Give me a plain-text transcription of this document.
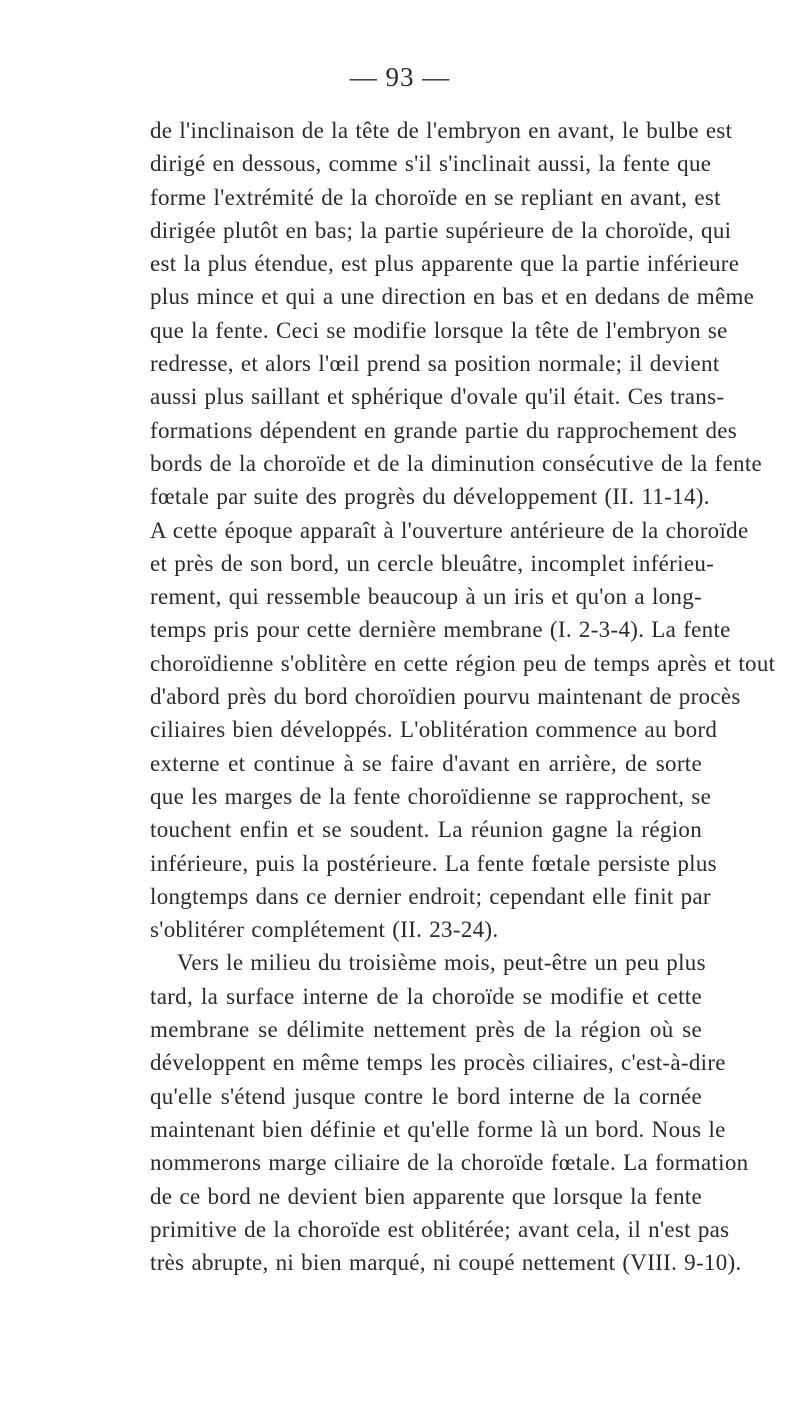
— 93 —
de l'inclinaison de la tête de l'embryon en avant, le bulbe est
dirigé en dessous, comme s'il s'inclinait aussi, la fente que
forme l'extrémité de la choroïde en se repliant en avant, est
dirigée plutôt en bas; la partie supérieure de la choroïde, qui
est la plus étendue, est plus apparente que la partie inférieure
plus mince et qui a une direction en bas et en dedans de même
que la fente. Ceci se modifie lorsque la tête de l'embryon se
redresse, et alors l'œil prend sa position normale; il devient
aussi plus saillant et sphérique d'ovale qu'il était. Ces trans-
formations dépendent en grande partie du rapprochement des
bords de la choroïde et de la diminution consécutive de la fente
fœtale par suite des progrès du développement (II. 11-14).
A cette époque apparaît à l'ouverture antérieure de la choroïde
et près de son bord, un cercle bleuâtre, incomplet inférieu-
rement, qui ressemble beaucoup à un iris et qu'on a long-
temps pris pour cette dernière membrane (I. 2-3-4). La fente
choroïdienne s'oblitère en cette région peu de temps après et tout
d'abord près du bord choroïdien pourvu maintenant de procès
ciliaires bien développés. L'oblitération commence au bord
externe et continue à se faire d'avant en arrière, de sorte
que les marges de la fente choroïdienne se rapprochent, se
touchent enfin et se soudent. La réunion gagne la région
inférieure, puis la postérieure. La fente fœtale persiste plus
longtemps dans ce dernier endroit; cependant elle finit par
s'oblitérer complétement (II. 23-24).
Vers le milieu du troisième mois, peut-être un peu plus
tard, la surface interne de la choroïde se modifie et cette
membrane se délimite nettement près de la région où se
développent en même temps les procès ciliaires, c'est-à-dire
qu'elle s'étend jusque contre le bord interne de la cornée
maintenant bien définie et qu'elle forme là un bord. Nous le
nommerons marge ciliaire de la choroïde fœtale. La formation
de ce bord ne devient bien apparente que lorsque la fente
primitive de la choroïde est oblitérée; avant cela, il n'est pas
très abrupte, ni bien marqué, ni coupé nettement (VIII. 9-10).
